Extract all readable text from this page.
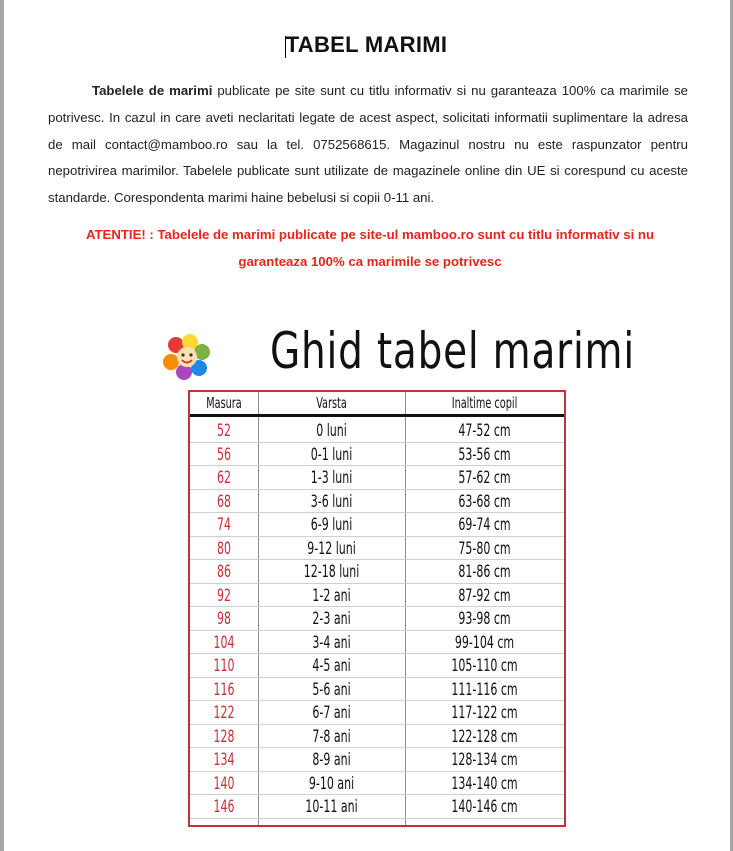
TABEL MARIMI

Tabelele de marimi publicate pe site sunt cu titlu informativ si nu garanteaza 100% ca marimile se potrivesc. In cazul in care aveti neclaritati legate de acest aspect, solicitati informatii suplimentare la adresa de mail contact@mamboo.ro sau la tel. 0752568615. Magazinul nostru nu este raspunzator pentru nepotrivirea marimilor. Tabelele publicate sunt utilizate de magazinele online din UE si corespund cu aceste standarde. Corespondenta marimi haine bebelusi si copii 0-11 ani.

ATENTIE! : Tabelele de marimi publicate pe site-ul mamboo.ro sunt cu titlu informativ si nu garanteaza 100% ca marimile se potrivesc

Ghid tabel marimi
Masura	Varsta	Inaltime copil
52	0 luni	47-52 cm
56	0-1 luni	53-56 cm
62	1-3 luni	57-62 cm
68	3-6 luni	63-68 cm
74	6-9 luni	69-74 cm
80	9-12 luni	75-80 cm
86	12-18 luni	81-86 cm
92	1-2 ani	87-92 cm
98	2-3 ani	93-98 cm
104	3-4 ani	99-104 cm
110	4-5 ani	105-110 cm
116	5-6 ani	111-116 cm
122	6-7 ani	117-122 cm
128	7-8 ani	122-128 cm
134	8-9 ani	128-134 cm
140	9-10 ani	134-140 cm
146	10-11 ani	140-146 cm
